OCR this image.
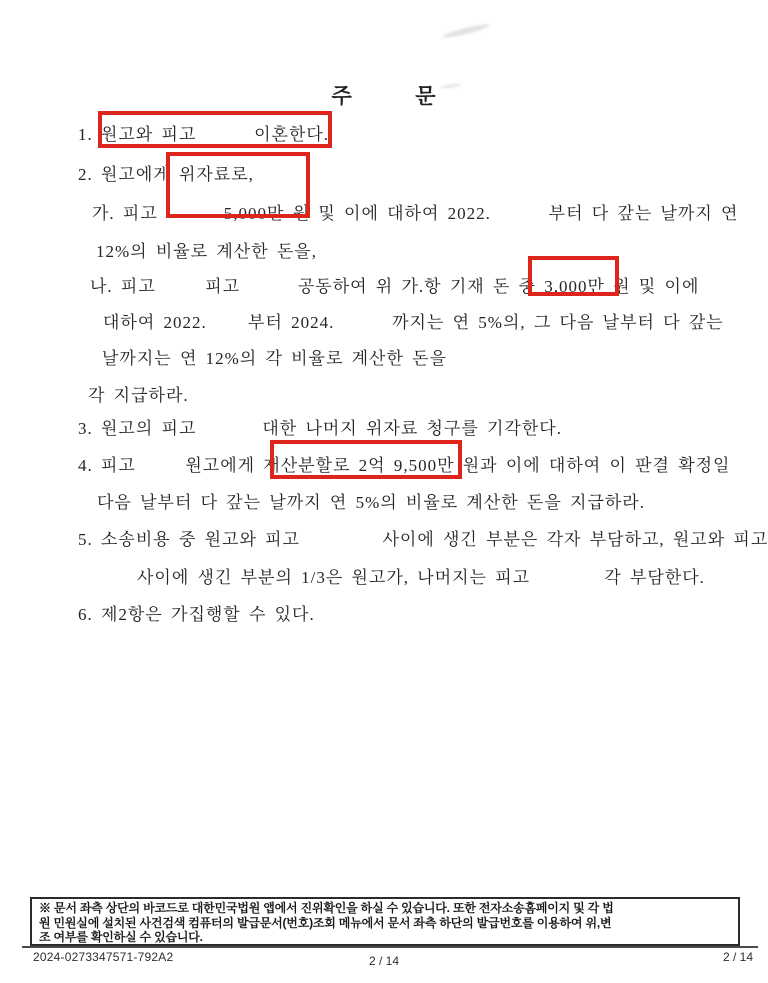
주          문
1. 원고와 피고       이혼한다.
2. 원고에게 위자료로,
가. 피고        5,000만 원 및 이에 대하여 2022.       부터 다 갚는 날까지 연
12%의 비율로 계산한 돈을,
나. 피고      피고       공동하여 위 가.항 기재 돈 중 3,000만 원 및 이에
대하여 2022.     부터 2024.       까지는 연 5%의, 그 다음 날부터 다 갚는
날까지는 연 12%의 각 비율로 계산한 돈을
각 지급하라.
3. 원고의 피고        대한 나머지 위자료 청구를 기각한다.
4. 피고      원고에게 재산분할로 2억 9,500만 원과 이에 대하여 이 판결 확정일
다음 날부터 다 갚는 날까지 연 5%의 비율로 계산한 돈을 지급하라.
5. 소송비용 중 원고와 피고          사이에 생긴 부분은 각자 부담하고, 원고와 피고
사이에 생긴 부분의 1/3은 원고가, 나머지는 피고         각 부담한다.
6. 제2항은 가집행할 수 있다.
※ 문서 좌측 상단의 바코드로 대한민국법원 앱에서 진위확인을 하실 수 있습니다. 또한 전자소송홈페이지 및 각 법
원 민원실에 설치된 사건검색 컴퓨터의 발급문서(번호)조회 메뉴에서 문서 좌측 하단의 발급번호를 이용하여 위,변
조 여부를 확인하실 수 있습니다.
2024-0273347571-792A2	2 / 14	2 / 14
